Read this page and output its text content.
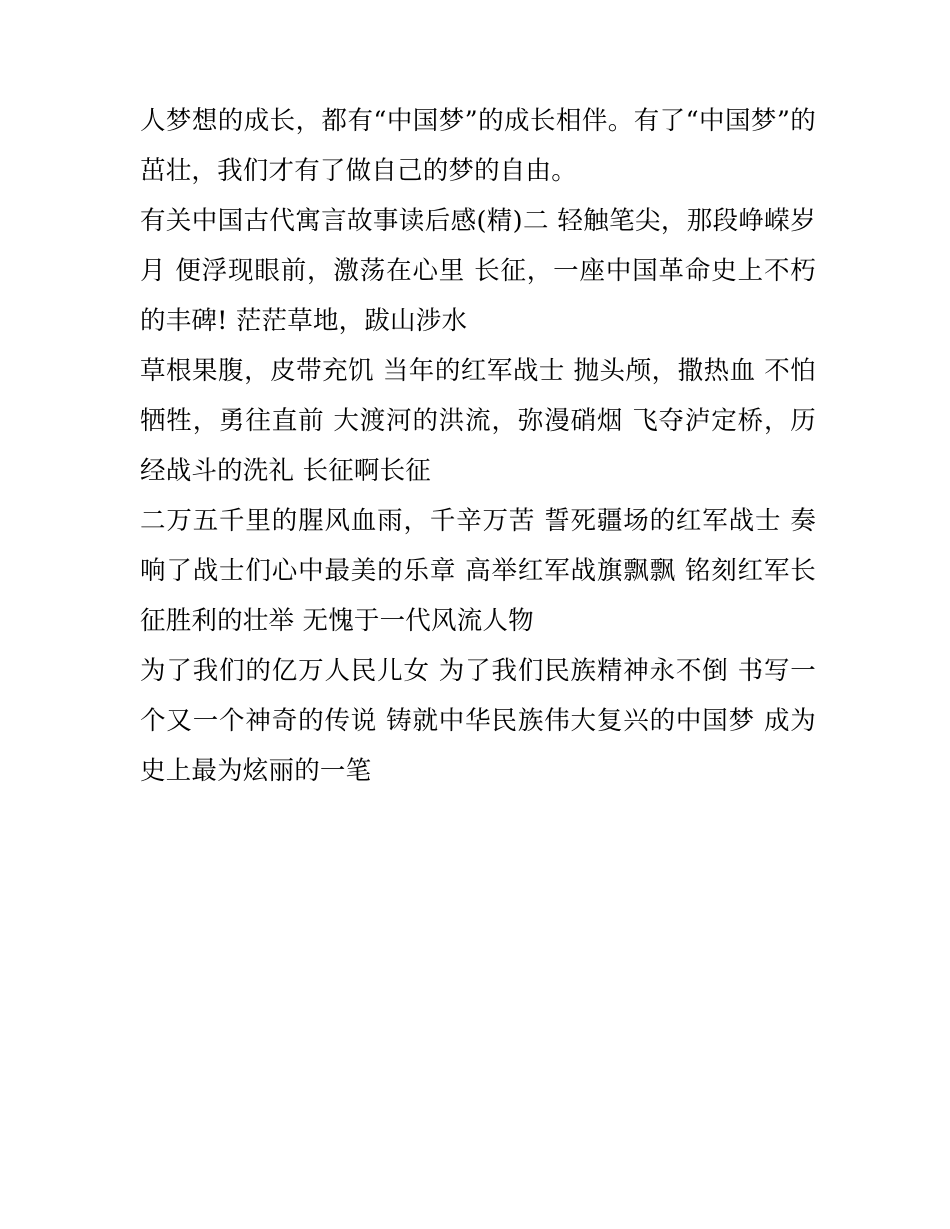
人梦想的成长，都有“中国梦”的成长相伴。有了“中国梦”的茁壮，我们才有了做自己的梦的自由。

有关中国古代寓言故事读后感(精)二 轻触笔尖，那段峥嵘岁月 便浮现眼前，激荡在心里 长征，一座中国革命史上不朽的丰碑! 茫茫草地，跋山涉水

草根果腹，皮带充饥 当年的红军战士 抛头颅，撒热血 不怕牺牲，勇往直前 大渡河的洪流，弥漫硝烟 飞夺泸定桥，历经战斗的洗礼 长征啊长征

二万五千里的腥风血雨，千辛万苦 誓死疆场的红军战士 奏响了战士们心中最美的乐章 高举红军战旗飘飘 铭刻红军长征胜利的壮举 无愧于一代风流人物

为了我们的亿万人民儿女 为了我们民族精神永不倒 书写一个又一个神奇的传说 铸就中华民族伟大复兴的中国梦 成为史上最为炫丽的一笔
